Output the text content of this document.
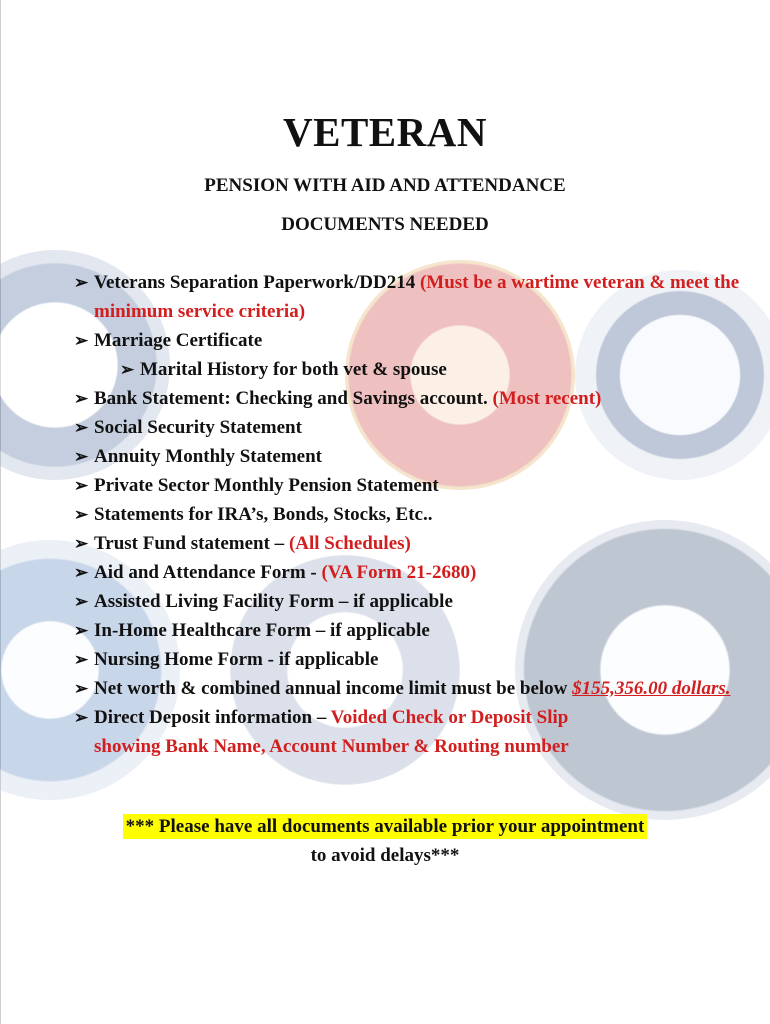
VETERAN
PENSION WITH AID AND ATTENDANCE
DOCUMENTS NEEDED
➢ Veterans Separation Paperwork/DD214 (Must be a wartime veteran & meet the minimum service criteria)
➢ Marriage Certificate
➢ Marital History for both vet & spouse
➢ Bank Statement: Checking and Savings account. (Most recent)
➢ Social Security Statement
➢ Annuity Monthly Statement
➢ Private Sector Monthly Pension Statement
➢ Statements for IRA’s, Bonds, Stocks, Etc..
➢ Trust Fund statement – (All Schedules)
➢ Aid and Attendance Form - (VA Form 21-2680)
➢ Assisted Living Facility Form – if applicable
➢ In-Home Healthcare Form – if applicable
➢ Nursing Home Form - if applicable
➢ Net worth & combined annual income limit must be below $155,356.00 dollars.
➢ Direct Deposit information – Voided Check or Deposit Slip
showing Bank Name, Account Number & Routing number
*** Please have all documents available prior your appointment
to avoid delays***
